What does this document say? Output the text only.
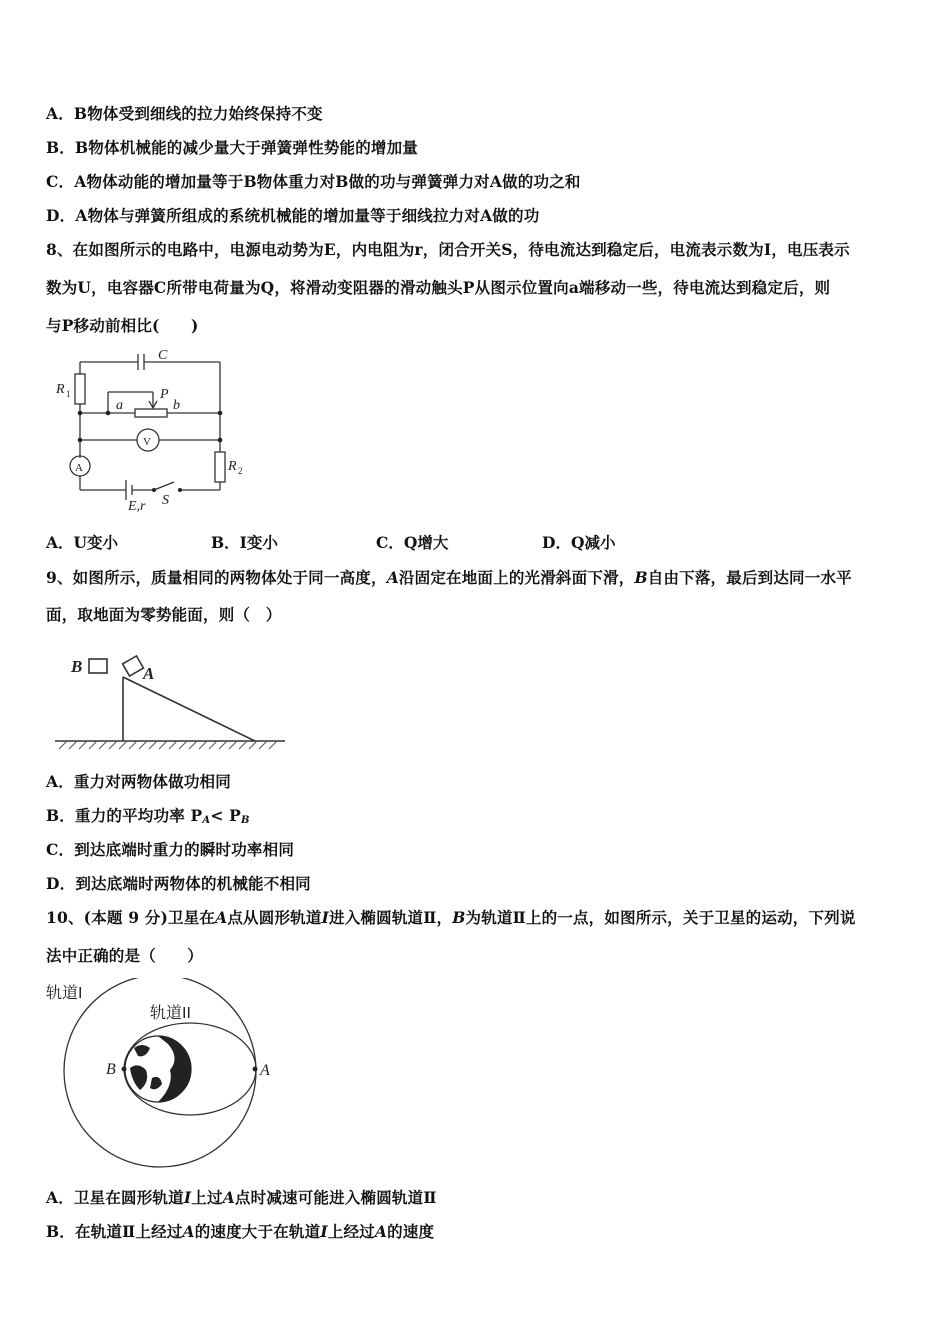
A．B物体受到细线的拉力始终保持不变
B．B物体机械能的减少量大于弹簧弹性势能的增加量
C．A物体动能的增加量等于B物体重力对B做的功与弹簧弹力对A做的功之和
D．A物体与弹簧所组成的系统机械能的增加量等于细线拉力对A做的功
8、在如图所示的电路中，电源电动势为E，内电阻为r，闭合开关S，待电流达到稳定后，电流表示数为I，电压表示
数为U，电容器C所带电荷量为Q，将滑动变阻器的滑动触头P从图示位置向a端移动一些，待电流达到稳定后，则
与P移动前相比(　　)
C
R 1
a
P
b
V
A	R 2
E,r S
A．U变小	B．I变小	C．Q增大	D．Q减小
9、如图所示，质量相同的两物体处于同一高度，A沿固定在地面上的光滑斜面下滑，B自由下落，最后到达同一水平
面，取地面为零势能面，则（　）
B	A
A．重力对两物体做功相同
B．重力的平均功率 $P_A< P_B$
C．到达底端时重力的瞬时功率相同
D．到达底端时两物体的机械能不相同
10、(本题 9 分)卫星在A点从圆形轨道I进入椭圆轨道Ⅱ，B为轨道Ⅱ上的一点，如图所示，关于卫星的运动，下列说
法中正确的是（　　）
轨道I
轨道II
B	A
A．卫星在圆形轨道I上过A点时减速可能进入椭圆轨道Ⅱ
B．在轨道Ⅱ上经过A的速度大于在轨道I上经过A的速度
